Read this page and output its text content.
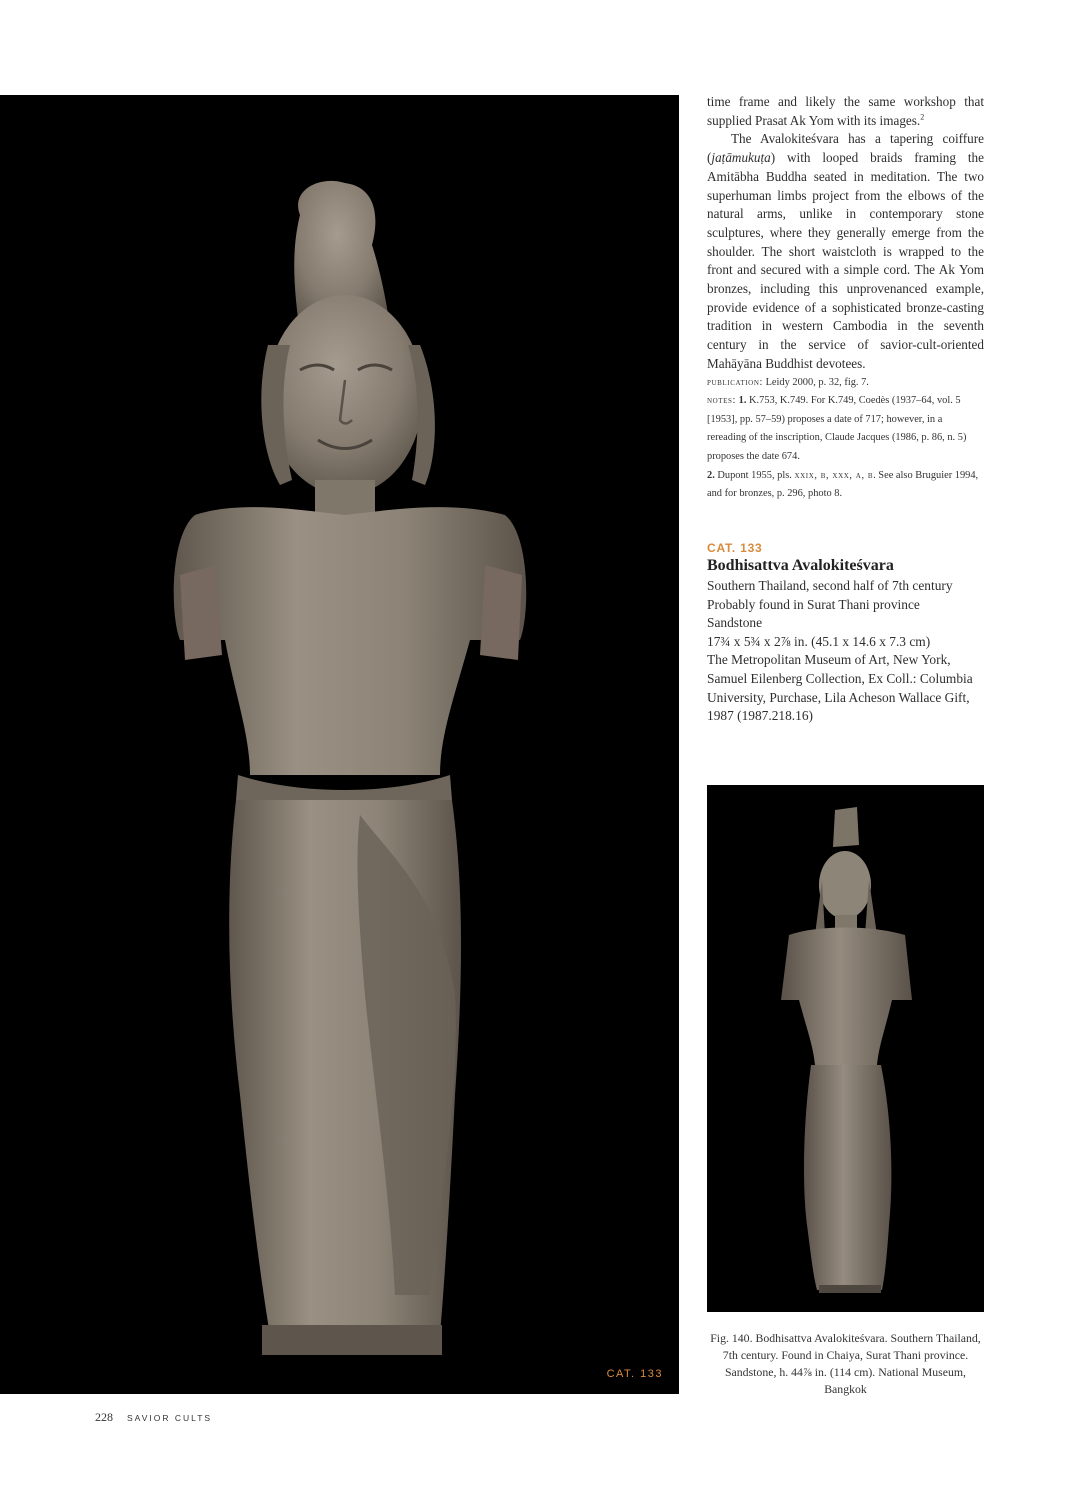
CAT. 133

time frame and likely the same workshop that supplied Prasat Ak Yom with its images.$^2$

The Avalokiteśvara has a tapering coiffure (jaṭāmukuṭa) with looped braids framing the Amitābha Buddha seated in meditation. The two superhuman limbs project from the elbows of the natural arms, unlike in contemporary stone sculptures, where they generally emerge from the shoulder. The short waistcloth is wrapped to the front and secured with a simple cord. The Ak Yom bronzes, including this unprovenanced example, provide evidence of a sophisticated bronze-casting tradition in western Cambodia in the seventh century in the service of savior-cult-oriented Mahāyāna Buddhist devotees.

publication: Leidy 2000, p. 32, fig. 7.

notes: 1. K.753, K.749. For K.749, Coedès (1937–64, vol. 5 [1953], pp. 57–59) proposes a date of 717; however, in a rereading of the inscription, Claude Jacques (1986, p. 86, n. 5) proposes the date 674.
2. Dupont 1955, pls. xxix, b, xxx, a, b. See also Bruguier 1994, and for bronzes, p. 296, photo 8.

CAT. 133

Bodhisattva Avalokiteśvara

Southern Thailand, second half of 7th century

Probably found in Surat Thani province

Sandstone

17¾ x 5¾ x 2⅞ in. (45.1 x 14.6 x 7.3 cm)

The Metropolitan Museum of Art, New York, Samuel Eilenberg Collection, Ex Coll.: Columbia University, Purchase, Lila Acheson Wallace Gift, 1987 (1987.218.16)

Fig. 140. Bodhisattva Avalokiteśvara. Southern Thailand, 7th century. Found in Chaiya, Surat Thani province. Sandstone, h. 44⅞ in. (114 cm). National Museum, Bangkok

228 SAVIOR CULTS
